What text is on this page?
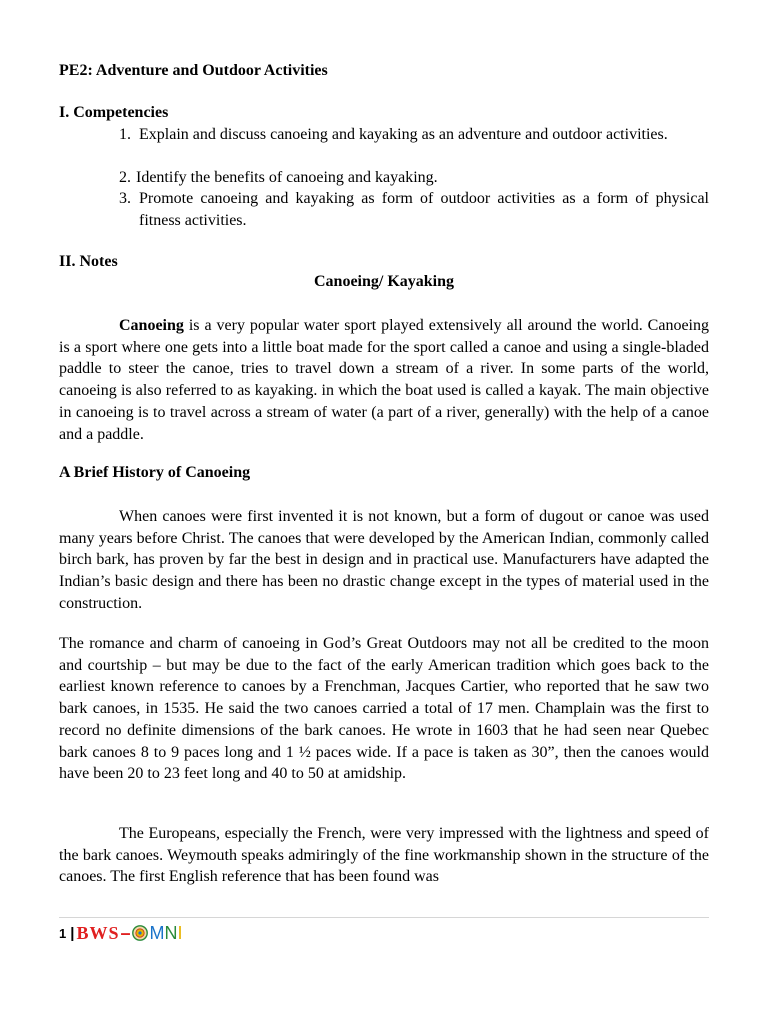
PE2: Adventure and Outdoor Activities
I. Competencies
1. Explain and discuss canoeing and kayaking as an adventure and outdoor activities.
2. Identify the benefits of canoeing and kayaking.
3. Promote canoeing and kayaking as form of outdoor activities as a form of physical fitness activities.
II. Notes
Canoeing/ Kayaking
Canoeing is a very popular water sport played extensively all around the world. Canoeing is a sport where one gets into a little boat made for the sport called a canoe and using a single-bladed paddle to steer the canoe, tries to travel down a stream of a river. In some parts of the world, canoeing is also referred to as kayaking. in which the boat used is called a kayak. The main objective in canoeing is to travel across a stream of water (a part of a river, generally) with the help of a canoe and a paddle.
A Brief History of Canoeing
When canoes were first invented it is not known, but a form of dugout or canoe was used many years before Christ. The canoes that were developed by the American Indian, commonly called birch bark, has proven by far the best in design and in practical use. Manufacturers have adapted the Indian’s basic design and there has been no drastic change except in the types of material used in the construction.
The romance and charm of canoeing in God’s Great Outdoors may not all be credited to the moon and courtship – but may be due to the fact of the early American tradition which goes back to the earliest known reference to canoes by a Frenchman, Jacques Cartier, who reported that he saw two bark canoes, in 1535. He said the two canoes carried a total of 17 men. Champlain was the first to record no definite dimensions of the bark canoes. He wrote in 1603 that he had seen near Quebec bark canoes 8 to 9 paces long and 1 ½ paces wide. If a pace is taken as 30”, then the canoes would have been 20 to 23 feet long and 40 to 50 at amidship.
The Europeans, especially the French, were very impressed with the lightness and speed of the bark canoes. Weymouth speaks admiringly of the fine workmanship shown in the structure of the canoes. The first English reference that has been found was
1 | BWS – M N I
